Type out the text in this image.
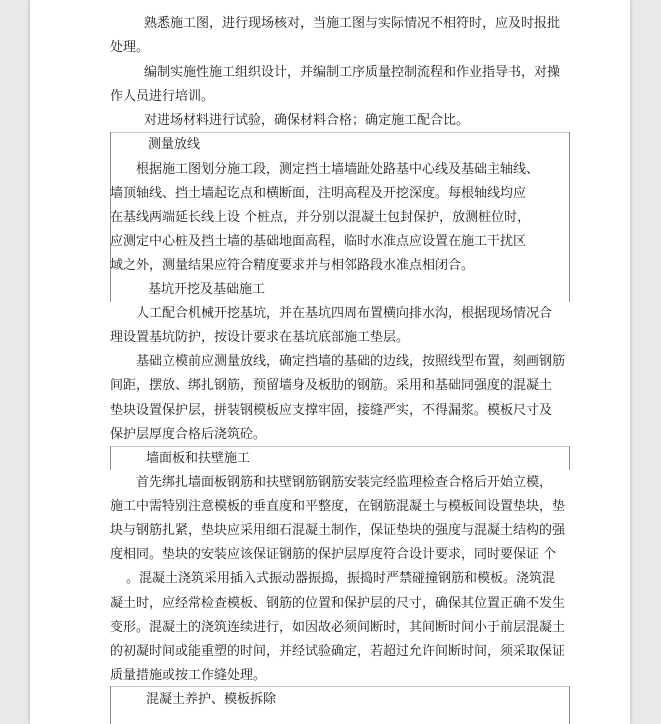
熟悉施工图，进行现场核对，当施工图与实际情况不相符时，应及时报批
处理。
编制实施性施工组织设计，并编制工序质量控制流程和作业指导书，对操
作人员进行培训。
对进场材料进行试验，确保材料合格；确定施工配合比。
测量放线
根据施工图划分施工段，测定挡土墙墙趾处路基中心线及基础主轴线、
墙顶轴线、挡土墙起讫点和横断面，注明高程及开挖深度。每根轴线均应
在基线两端延长线上设 个桩点，并分别以混凝土包封保护，放测桩位时，
应测定中心桩及挡土墙的基础地面高程，临时水准点应设置在施工干扰区
域之外，测量结果应符合精度要求并与相邻路段水准点相闭合。
基坑开挖及基础施工
人工配合机械开挖基坑，并在基坑四周布置横向排水沟，根据现场情况合
理设置基坑防护，按设计要求在基坑底部施工垫层。
基础立模前应测量放线，确定挡墙的基础的边线，按照线型布置，刻画钢筋
间距，摆放、绑扎钢筋，预留墙身及板肋的钢筋。采用和基础同强度的混凝土
垫块设置保护层，拼装钢模板应支撑牢固，接缝严实，不得漏浆。模板尺寸及
保护层厚度合格后浇筑砼。
墙面板和扶壁施工
首先绑扎墙面板钢筋和扶壁钢筋钢筋安装完经监理检查合格后开始立模，
施工中需特别注意模板的垂直度和平整度，在钢筋混凝土与模板间设置垫块，垫
块与钢筋扎紧，垫块应采用细石混凝土制作，保证垫块的强度与混凝土结构的强
度相同。垫块的安装应该保证钢筋的保护层厚度符合设计要求，同时要保证 个
。混凝土浇筑采用插入式振动器振捣，振捣时严禁碰撞钢筋和模板。浇筑混
凝土时，应经常检查模板、钢筋的位置和保护层的尺寸，确保其位置正确不发生
变形。混凝土的浇筑连续进行，如因故必须间断时，其间断时间小于前层混凝土
的初凝时间或能重塑的时间，并经试验确定，若超过允许间断时间，须采取保证
质量措施或按工作缝处理。
混凝土养护、模板拆除
